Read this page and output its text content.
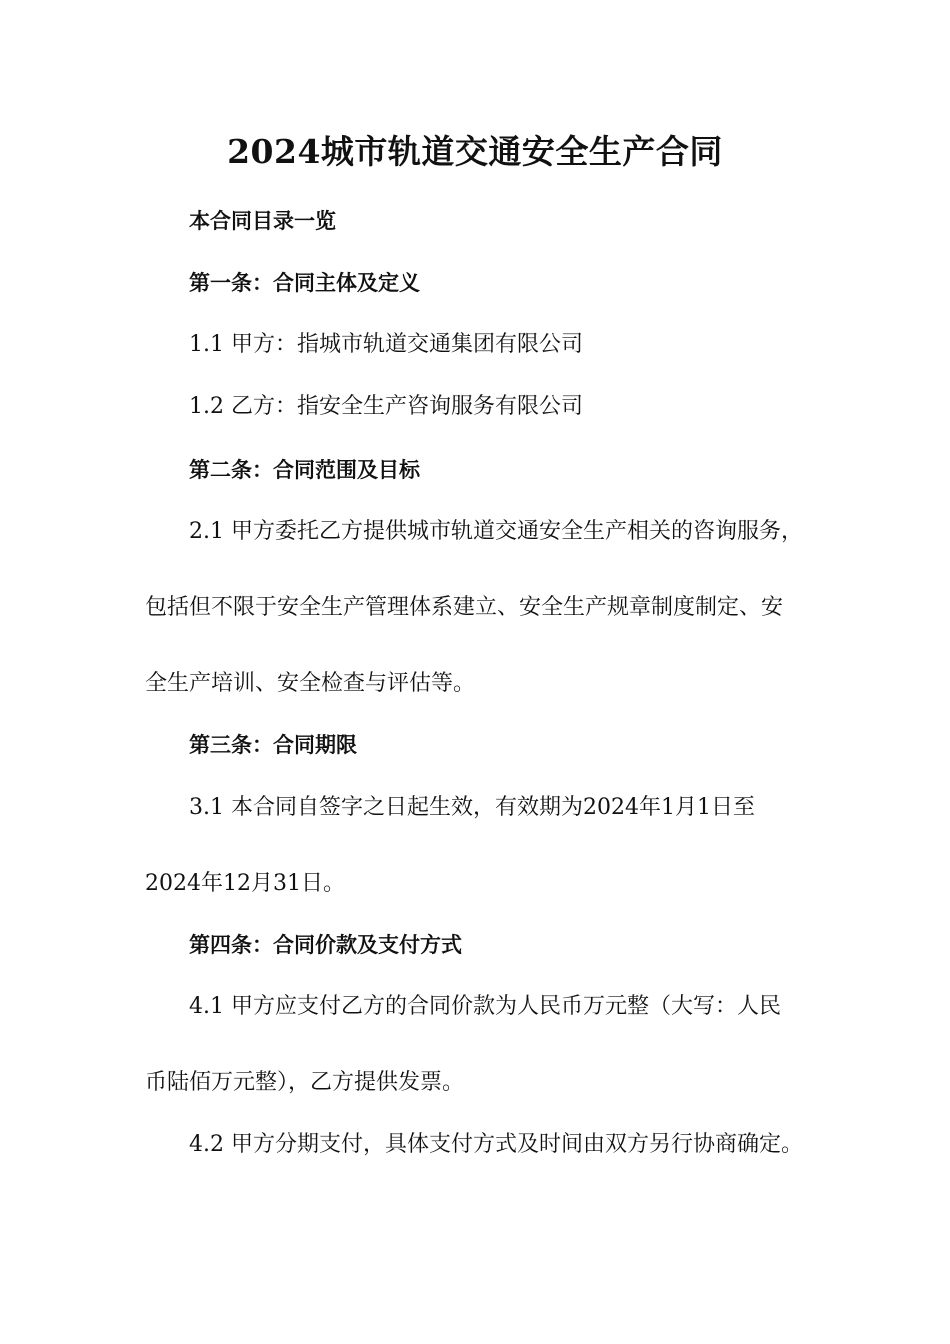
2024城市轨道交通安全生产合同

本合同目录一览

第一条：合同主体及定义

1.1 甲方：指城市轨道交通集团有限公司

1.2 乙方：指安全生产咨询服务有限公司

第二条：合同范围及目标

2.1 甲方委托乙方提供城市轨道交通安全生产相关的咨询服务，

包括但不限于安全生产管理体系建立、安全生产规章制度制定、安

全生产培训、安全检查与评估等。

第三条：合同期限

3.1 本合同自签字之日起生效，有效期为2024年1月1日至

2024年12月31日。

第四条：合同价款及支付方式

4.1 甲方应支付乙方的合同价款为人民币万元整（大写：人民

币陆佰万元整），乙方提供发票。

4.2 甲方分期支付，具体支付方式及时间由双方另行协商确定。
